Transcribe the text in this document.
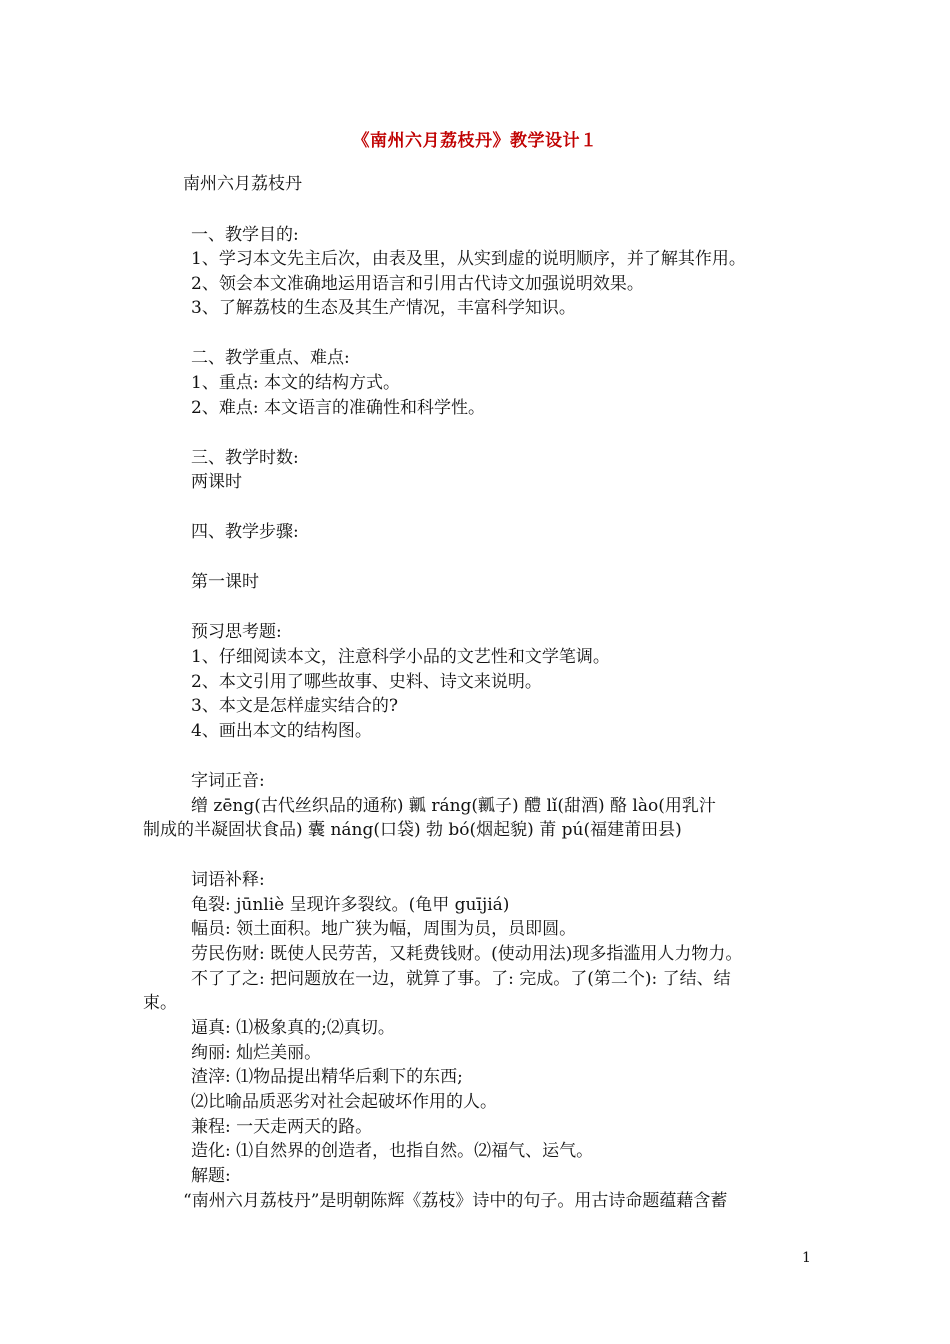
《南州六月荔枝丹》教学设计１
南州六月荔枝丹
一、教学目的:
1、学习本文先主后次，由表及里，从实到虚的说明顺序，并了解其作用。
2、领会本文准确地运用语言和引用古代诗文加强说明效果。
3、了解荔枝的生态及其生产情况，丰富科学知识。
二、教学重点、难点:
1、重点: 本文的结构方式。
2、难点: 本文语言的准确性和科学性。
三、教学时数:
两课时
四、教学步骤:
第一课时
预习思考题:
1、仔细阅读本文，注意科学小品的文艺性和文学笔调。
2、本文引用了哪些故事、史料、诗文来说明。
3、本文是怎样虚实结合的?
4、画出本文的结构图。
字词正音:
缯 zēng(古代丝织品的通称) 瓤 ráng(瓤子) 醴 lǐ(甜酒) 酪 lào(用乳汁
制成的半凝固状食品) 囊 náng(口袋) 勃 bó(烟起貌) 莆 pú(福建莆田县)
词语补释:
龟裂: jūnliè 呈现许多裂纹。(龟甲 guījiá)
幅员: 领土面积。地广狭为幅，周围为员，员即圆。
劳民伤财: 既使人民劳苦，又耗费钱财。(使动用法)现多指滥用人力物力。
不了了之: 把问题放在一边，就算了事。了: 完成。了(第二个): 了结、结
束。
逼真: ⑴极象真的;⑵真切。
绚丽: 灿烂美丽。
渣滓: ⑴物品提出精华后剩下的东西;
⑵比喻品质恶劣对社会起破坏作用的人。
兼程: 一天走两天的路。
造化: ⑴自然界的创造者，也指自然。⑵福气、运气。
解题:
“南州六月荔枝丹”是明朝陈辉《荔枝》诗中的句子。用古诗命题蕴藉含蓄
1
